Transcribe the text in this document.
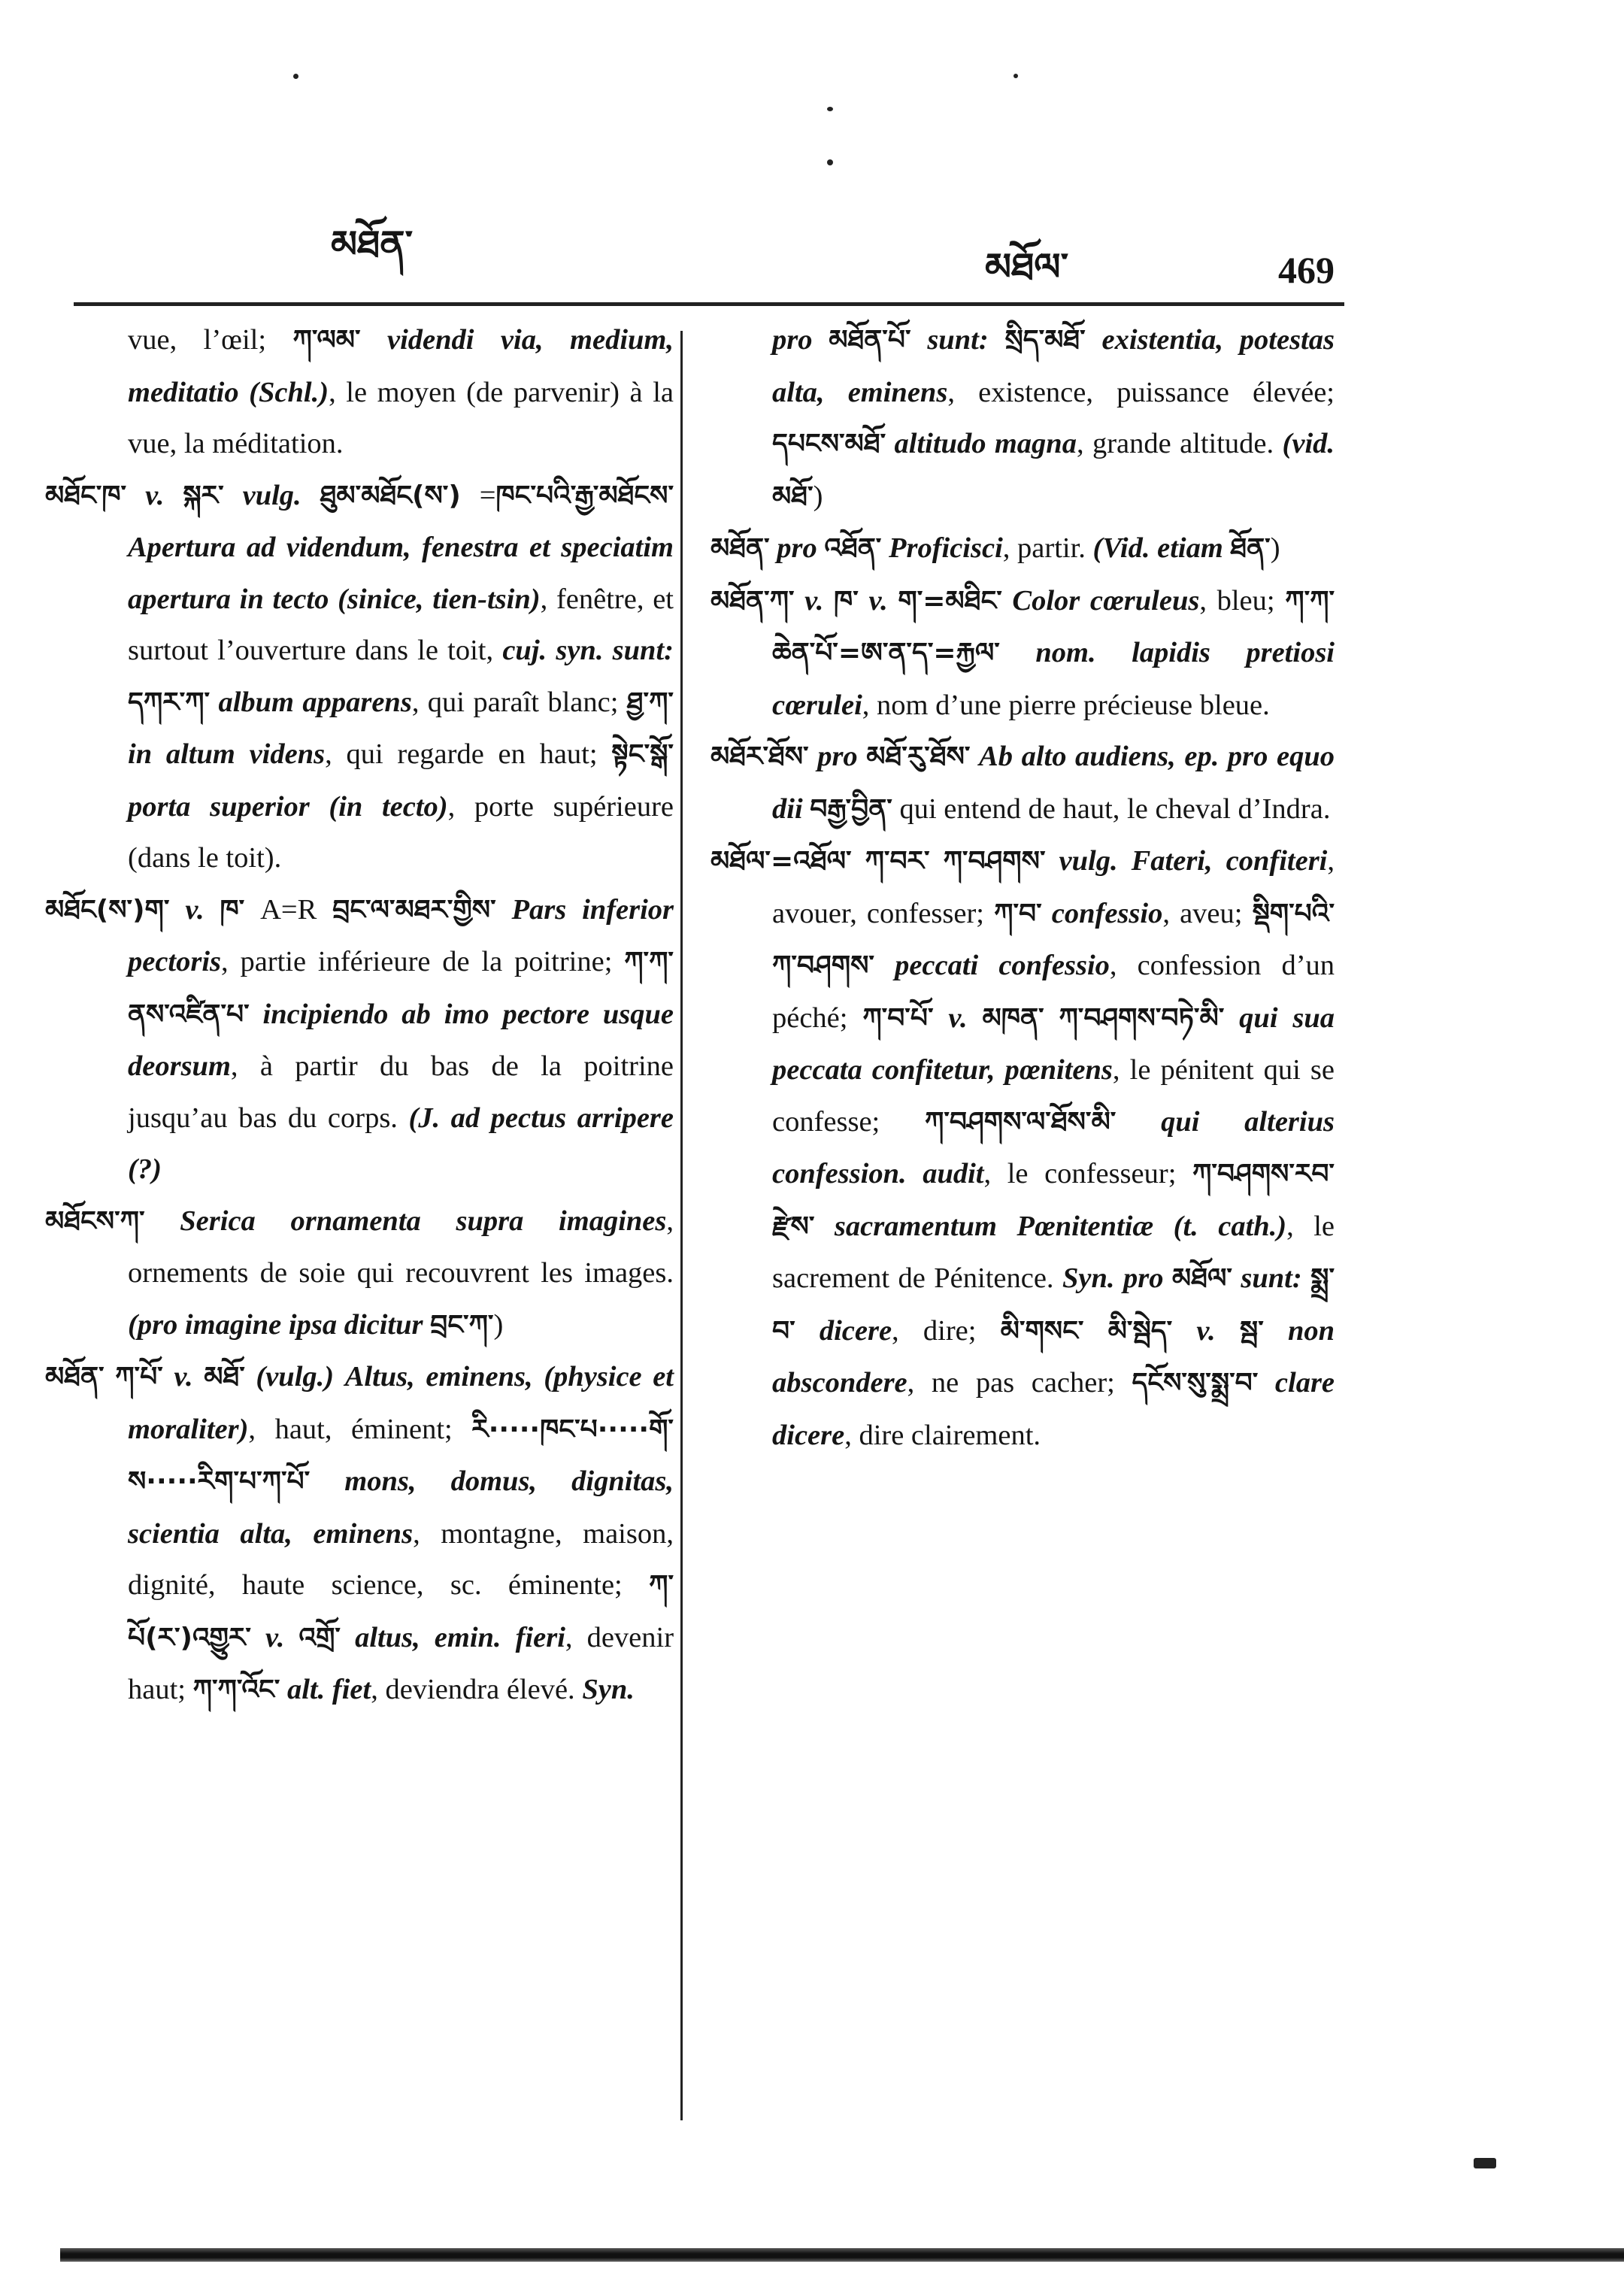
མཐོན་
མཐོལ་	469

vue, l’œil; ཀ་ལམ་ videndi via, medium, meditatio (Schl.), le moyen (de parvenir) à la vue, la méditation.

མཐོང་ཁ་ v. སྐར་ vulg. ཐུམ་མཐོང(ས་) =ཁང་པའི་རྒྱ་མཐོངས་ Apertura ad videndum, fenestra et speciatim apertura in tecto (sinice, tien-tsin), fenêtre, et surtout l’ouverture dans le toit, cuj. syn. sunt: དཀར་ཀ་ album apparens, qui paraît blanc; ཐྱ་ཀ་ in altum videns, qui regarde en haut; སྟེང་སྒོ་ porta superior (in tecto), porte supérieure (dans le toit).

མཐོང(ས་)ག་ v. ཁ་ A=R བྲང་ལ་མཐར་གྱིས་ Pars inferior pectoris, partie inférieure de la poitrine; ཀ་ཀ་ནས་འཛིན་པ་ incipiendo ab imo pectore usque deorsum, à partir du bas de la poitrine jusqu’au bas du corps. (J. ad pectus arripere (?)

མཐོངས་ཀ་ Serica ornamenta supra imagines, ornements de soie qui recouvrent les images. (pro imagine ipsa dicitur བྲང་ཀ་)

མཐོན་ ཀ་པོ་ v. མཐོ་ (vulg.) Altus, eminens, (physice et moraliter), haut, éminent; རི·····ཁང་པ·····གོ་ས·····རིག་པ་ཀ་པོ་ mons, domus, dignitas, scientia alta, eminens, montagne, maison, dignité, haute science, sc. éminente; ཀ་པོ(ར་)འགྱུར་ v. འགྲོ་ altus, emin. fieri, devenir haut; ཀ་ཀ་འོང་ alt. fiet, deviendra élevé. Syn.

pro མཐོན་པོ་ sunt: སྲིད་མཐོ་ existentia, potestas alta, eminens, existence, puissance élevée; དཔངས་མཐོ་ altitudo magna, grande altitude. (vid. མཐོ་)

མཐོན་ pro འཐོན་ Proficisci, partir. (Vid. etiam ཐོན་)

མཐོན་ཀ་ v. ཁ་ v. ག་=མཐིང་ Color cœruleus, bleu; ཀ་ཀ་ཆེན་པོ་=ཨ་ན་ད་=རྐྱལ་ nom. lapidis pretiosi cœrulei, nom d’une pierre précieuse bleue.

མཐོར་ཐོས་ pro མཐོ་རུ་ཐོས་ Ab alto audiens, ep. pro equo dii བརྒྱ་བྱིན་ qui entend de haut, le cheval d’Indra.

མཐོལ་=འཐོལ་ ཀ་བར་ ཀ་བཤགས་ vulg. Fateri, confiteri, avouer, confesser; ཀ་བ་ confessio, aveu; སྡིག་པའི་ཀ་བཤགས་ peccati confessio, confession d’un péché; ཀ་བ་པོ་ v. མཁན་ ཀ་བཤགས་བཏེ་མི་ qui sua peccata confitetur, pœnitens, le pénitent qui se confesse; ཀ་བཤགས་ལ་ཐོས་མི་ qui alterius confession. audit, le confesseur; ཀ་བཤགས་རབ་རྫེས་ sacramentum Pœnitentiæ (t. cath.), le sacrement de Pénitence. Syn. pro མཐོལ་ sunt: སྨྲ་བ་ dicere, dire; མི་གསང་ མི་སྦེད་ v. སྦ་ non abscondere, ne pas cacher; དངོས་སུ་སྨྲ་བ་ clare dicere, dire clairement.
